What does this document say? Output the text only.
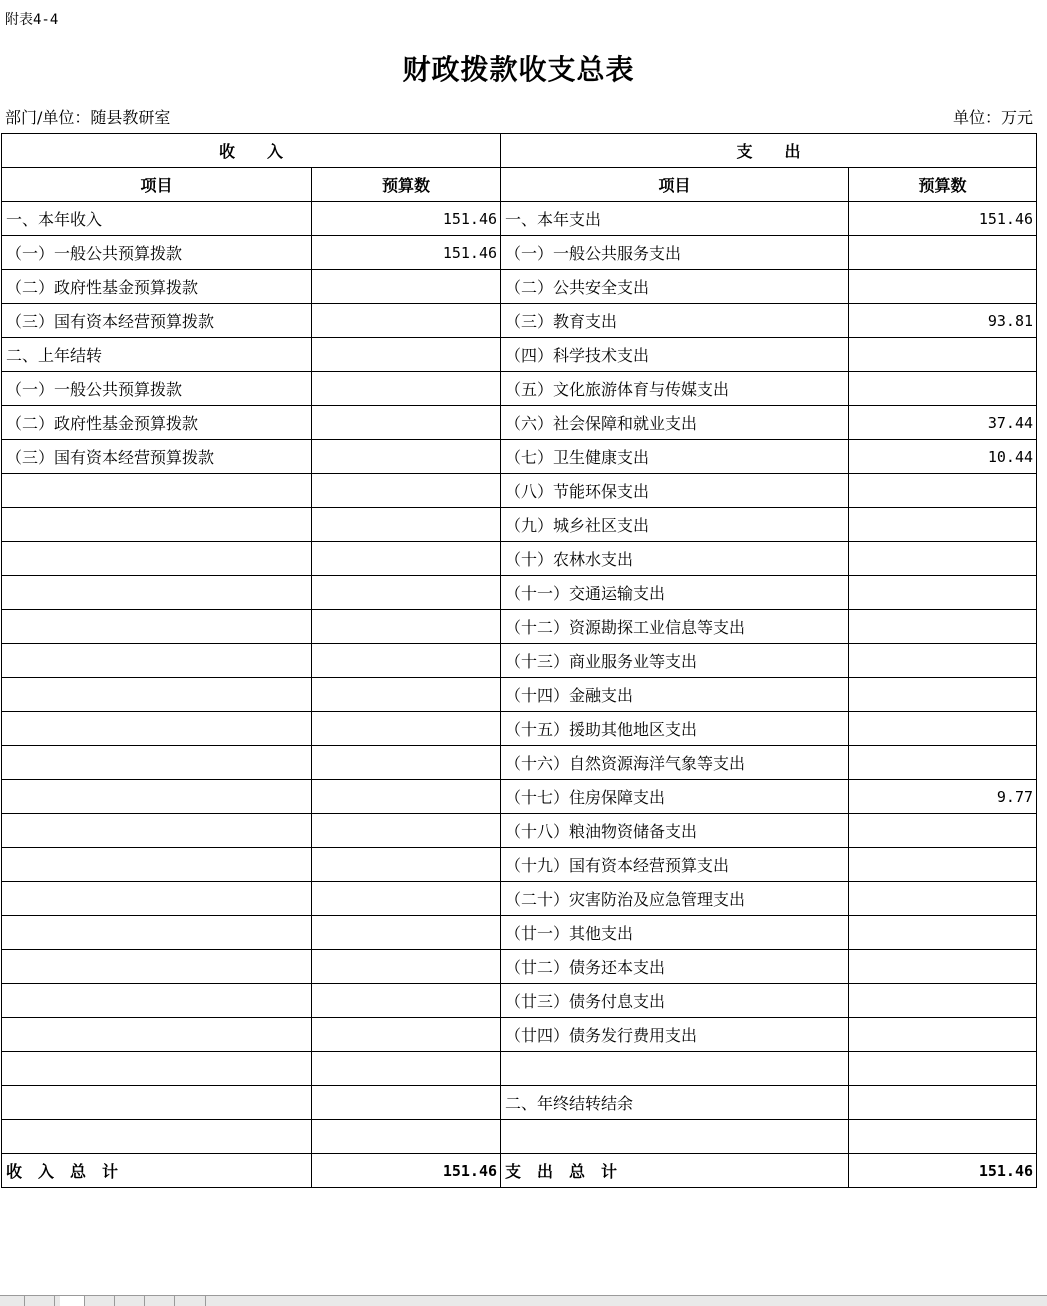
附表4-4
财政拨款收支总表
部门/单位：随县教研室	单位：万元
收　　入		支　　出	
项目	预算数	项目	预算数
一、本年收入	151.46	一、本年支出	151.46
（一）一般公共预算拨款	151.46	（一）一般公共服务支出	
（二）政府性基金预算拨款		（二）公共安全支出	
（三）国有资本经营预算拨款		（三）教育支出	93.81
二、上年结转		（四）科学技术支出	
（一）一般公共预算拨款		（五）文化旅游体育与传媒支出	
（二）政府性基金预算拨款		（六）社会保障和就业支出	37.44
（三）国有资本经营预算拨款		（七）卫生健康支出	10.44
		（八）节能环保支出	
		（九）城乡社区支出	
		（十）农林水支出	
		（十一）交通运输支出	
		（十二）资源勘探工业信息等支出	
		（十三）商业服务业等支出	
		（十四）金融支出	
		（十五）援助其他地区支出	
		（十六）自然资源海洋气象等支出	
		（十七）住房保障支出	9.77
		（十八）粮油物资储备支出	
		（十九）国有资本经营预算支出	
		（二十）灾害防治及应急管理支出	
		（廿一）其他支出	
		（廿二）债务还本支出	
		（廿三）债务付息支出	
		（廿四）债务发行费用支出	

		二、年终结转结余	

收　入　总　计	151.46	支　出　总　计	151.46
